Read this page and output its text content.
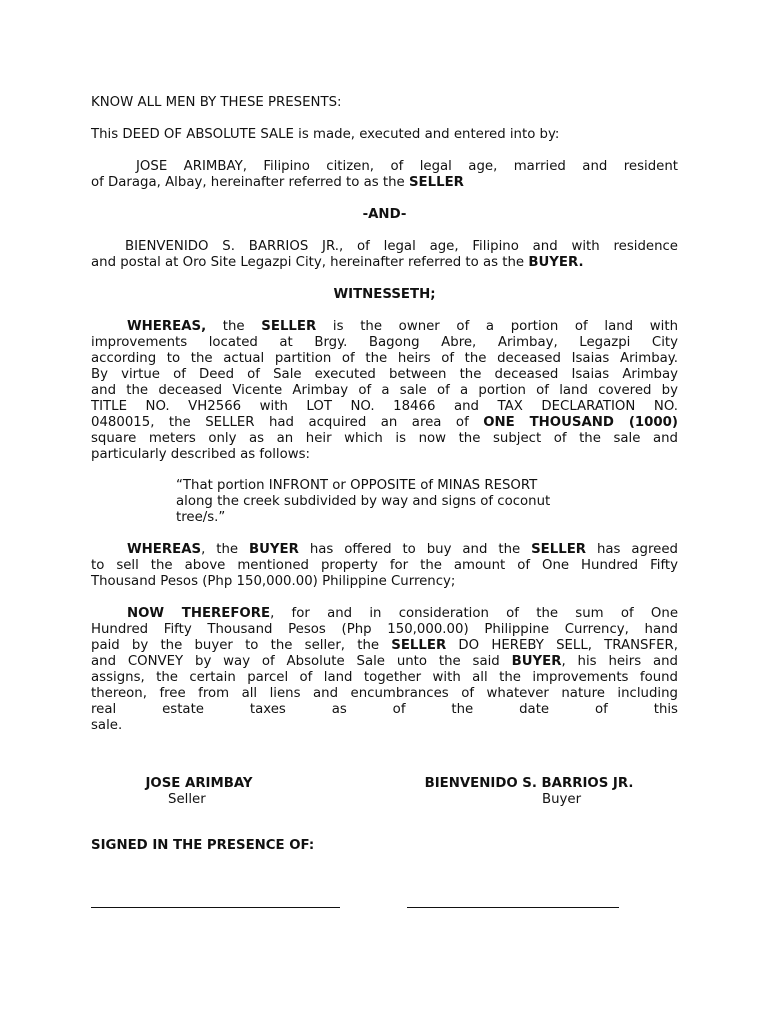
KNOW ALL MEN BY THESE PRESENTS:
This DEED OF ABSOLUTE SALE is made, executed and entered into by:
JOSE ARIMBAY, Filipino citizen, of legal age, married and resident
of Daraga, Albay, hereinafter referred to as the SELLER
-AND-
BIENVENIDO S. BARRIOS JR., of legal age, Filipino and with residence
and postal at Oro Site Legazpi City, hereinafter referred to as the BUYER.
WITNESSETH;
WHEREAS, the SELLER is the owner of a portion of land with
improvements located at Brgy. Bagong Abre, Arimbay, Legazpi City
according to the actual partition of the heirs of the deceased Isaias Arimbay.
By virtue of Deed of Sale executed between the deceased Isaias Arimbay
and the deceased Vicente Arimbay of a sale of a portion of land covered by
TITLE NO. VH2566 with LOT NO. 18466 and TAX DECLARATION NO.
0480015, the SELLER had acquired an area of ONE THOUSAND (1000)
square meters only as an heir which is now the subject of the sale and
particularly described as follows:
“That portion INFRONT or OPPOSITE of MINAS RESORT
along the creek subdivided by way and signs of coconut
tree/s.”
WHEREAS, the BUYER has offered to buy and the SELLER has agreed
to sell the above mentioned property for the amount of One Hundred Fifty
Thousand Pesos (Php 150,000.00) Philippine Currency;
NOW THEREFORE, for and in consideration of the sum of One
Hundred Fifty Thousand Pesos (Php 150,000.00) Philippine Currency, hand
paid by the buyer to the seller, the SELLER DO HEREBY SELL, TRANSFER,
and CONVEY by way of Absolute Sale unto the said BUYER, his heirs and
assigns, the certain parcel of land together with all the improvements found
thereon, free from all liens and encumbrances of whatever nature including
real estate taxes as of the date of this sale.
JOSE ARIMBAY
Seller
BIENVENIDO S. BARRIOS JR.
Buyer
SIGNED IN THE PRESENCE OF:
